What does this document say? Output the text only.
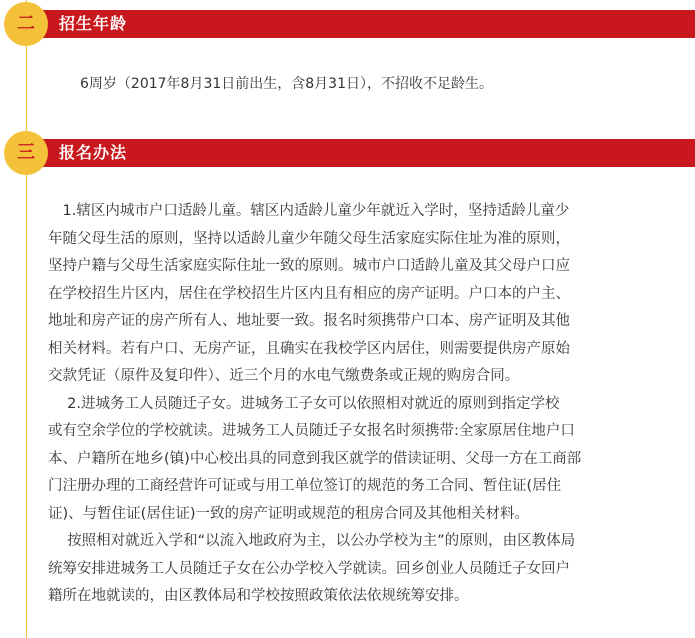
招生年龄
二
6周岁（2017年8月31日前出生，含8月31日），不招收不足龄生。
报名办法
三
　1.辖区内城市户口适龄儿童。辖区内适龄儿童少年就近入学时，坚持适龄儿童少
年随父母生活的原则，坚持以适龄儿童少年随父母生活家庭实际住址为准的原则，
坚持户籍与父母生活家庭实际住址一致的原则。城市户口适龄儿童及其父母户口应
在学校招生片区内，居住在学校招生片区内且有相应的房产证明。户口本的户主、
地址和房产证的房产所有人、地址要一致。报名时须携带户口本、房产证明及其他
相关材料。若有户口、无房产证，且确实在我校学区内居住，则需要提供房产原始
交款凭证（原件及复印件）、近三个月的水电气缴费条或正规的购房合同。
　 2.进城务工人员随迁子女。进城务工子女可以依照相对就近的原则到指定学校
或有空余学位的学校就读。进城务工人员随迁子女报名时须携带:全家原居住地户口
本、户籍所在地乡(镇)中心校出具的同意到我区就学的借读证明、父母一方在工商部
门注册办理的工商经营许可证或与用工单位签订的规范的务工合同、暂住证(居住
证)、与暂住证(居住证)一致的房产证明或规范的租房合同及其他相关材料。
　 按照相对就近入学和“以流入地政府为主，以公办学校为主”的原则，由区教体局
统筹安排进城务工人员随迁子女在公办学校入学就读。回乡创业人员随迁子女回户
籍所在地就读的，由区教体局和学校按照政策依法依规统筹安排。
